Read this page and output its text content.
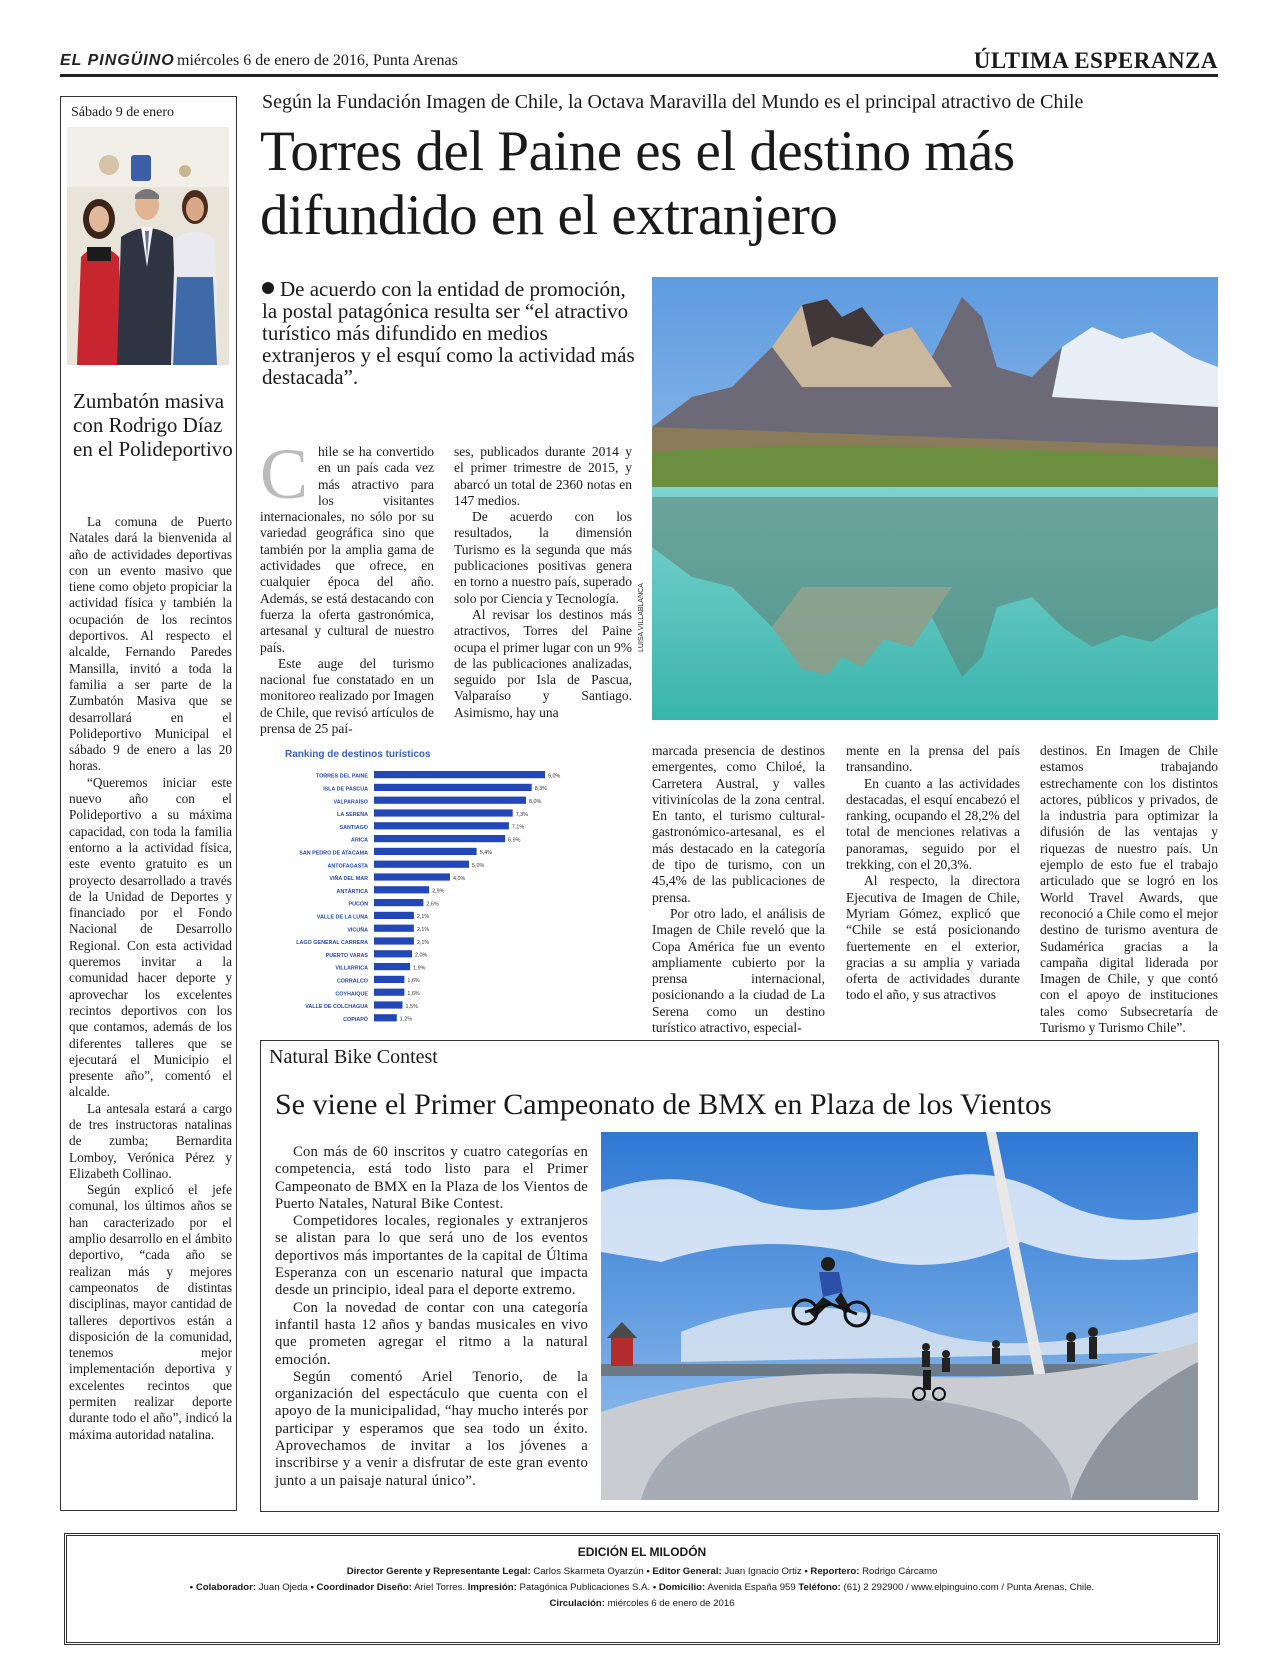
EL PINGÜINO miércoles 6 de enero de 2016, Punta Arenas	ÚLTIMA ESPERANZA
Sábado 9 de enero
Zumbatón masiva con Rodrigo Díaz en el Polideportivo

La comuna de Puerto Natales dará la bienvenida al año de actividades deportivas con un evento masivo que tiene como objeto propiciar la actividad física y también la ocupación de los recintos deportivos. Al respecto el alcalde, Fernando Paredes Mansilla, invitó a toda la familia a ser parte de la Zumbatón Masiva que se desarrollará en el Polideportivo Municipal el sábado 9 de enero a las 20 horas.

“Queremos iniciar este nuevo año con el Polideportivo a su máxima capacidad, con toda la familia entorno a la actividad física, este evento gratuito es un proyecto desarrollado a través de la Unidad de Deportes y financiado por el Fondo Nacional de Desarrollo Regional. Con esta actividad queremos invitar a la comunidad hacer deporte y aprovechar los excelentes recintos deportivos con los que contamos, además de los diferentes talleres que se ejecutará el Municipio el presente año”, comentó el alcalde.

La antesala estará a cargo de tres instructoras natalinas de zumba; Bernardita Lomboy, Verónica Pérez y Elizabeth Collinao.

Según explicó el jefe comunal, los últimos años se han caracterizado por el amplio desarrollo en el ámbito deportivo, “cada año se realizan más y mejores campeonatos de distintas disciplinas, mayor cantidad de talleres deportivos están a disposición de la comunidad, tenemos mejor implementación deportiva y excelentes recintos que permiten realizar deporte durante todo el año”, indicó la máxima autoridad natalina.

Según la Fundación Imagen de Chile, la Octava Maravilla del Mundo es el principal atractivo de Chile
Torres del Paine es el destino más difundido en el extranjero
De acuerdo con la entidad de promoción, la postal patagónica resulta ser “el atractivo turístico más difundido en medios extranjeros y el esquí como la actividad más destacada”.
LUISA VILLABLANCA
C hile se ha convertido en un país cada vez más atractivo para los visitantes internacionales, no sólo por su variedad geográfica sino que también por la amplia gama de actividades que ofrece, en cualquier época del año. Además, se está destacando con fuerza la oferta gastronómica, artesanal y cultural de nuestro país.

Este auge del turismo nacional fue constatado en un monitoreo realizado por Imagen de Chile, que revisó artículos de prensa de 25 paí-

ses, publicados durante 2014 y el primer trimestre de 2015, y abarcó un total de 2360 notas en 147 medios.

De acuerdo con los resultados, la dimensión Turismo es la segunda que más publicaciones positivas genera en torno a nuestro país, superado solo por Ciencia y Tecnología.

Al revisar los destinos más atractivos, Torres del Paine ocupa el primer lugar con un 9% de las publicaciones analizadas, seguido por Isla de Pascua, Valparaíso y Santiago. Asimismo, hay una

marcada presencia de destinos emergentes, como Chiloé, la Carretera Austral, y valles vitivinícolas de la zona central. En tanto, el turismo cultural-gastronómico-artesanal, es el más destacado en la categoría de tipo de turismo, con un 45,4% de las publicaciones de prensa.

Por otro lado, el análisis de Imagen de Chile reveló que la Copa América fue un evento ampliamente cubierto por la prensa internacional, posicionando a la ciudad de La Serena como un destino turístico atractivo, especial-

mente en la prensa del país transandino.

En cuanto a las actividades destacadas, el esquí encabezó el ranking, ocupando el 28,2% del total de menciones relativas a panoramas, seguido por el trekking, con el 20,3%.

Al respecto, la directora Ejecutiva de Imagen de Chile, Myriam Gómez, explicó que “Chile se está posicionando fuertemente en el exterior, gracias a su amplia y variada oferta de actividades durante todo el año, y sus atractivos

destinos. En Imagen de Chile estamos trabajando estrechamente con los distintos actores, públicos y privados, de la industria para optimizar la difusión de las ventajas y riquezas de nuestro país. Un ejemplo de esto fue el trabajo articulado que se logró en los World Travel Awards, que reconoció a Chile como el mejor destino de turismo aventura de Sudamérica gracias a la campaña digital liderada por Imagen de Chile, y que contó con el apoyo de instituciones tales como Subsecretaría de Turismo y Turismo Chile”.

Ranking de destinos turísticos
TORRES DEL PAINE	9,0%
ISLA DE PASCUA	8,3%
VALPARAÍSO	8,0%
LA SERENA	7,3%
SANTIAGO	7,1%
ARICA	6,9%
SAN PEDRO DE ATACAMA	5,4%
ANTOFAGASTA	5,0%
VIÑA DEL MAR	4,0%
ANTÁRTICA	2,9%
PUCÓN	2,6%
VALLE DE LA LUNA	2,1%
VICUÑA	2,1%
LAGO GENERAL CARRERA	2,1%
PUERTO VARAS	2,0%
VILLARRICA	1,9%
CORRALCO	1,6%
COYHAIQUE	1,6%
VALLE DE COLCHAGUA	1,5%
COPIAPÓ	1,2%
Natural Bike Contest
Se viene el Primer Campeonato de BMX en Plaza de los Vientos

Con más de 60 inscritos y cuatro categorías en competencia, está todo listo para el Primer Campeonato de BMX en la Plaza de los Vientos de Puerto Natales, Natural Bike Contest.

Competidores locales, regionales y extranjeros se alistan para lo que será uno de los eventos deportivos más importantes de la capital de Última Esperanza con un escenario natural que impacta desde un principio, ideal para el deporte extremo.

Con la novedad de contar con una categoría infantil hasta 12 años y bandas musicales en vivo que prometen agregar el ritmo a la natural emoción.

Según comentó Ariel Tenorio, de la organización del espectáculo que cuenta con el apoyo de la municipalidad, “hay mucho interés por participar y esperamos que sea todo un éxito. Aprovechamos de invitar a los jóvenes a inscribirse y a venir a disfrutar de este gran evento junto a un paisaje natural único”.

EDICIÓN EL MILODÓN
Director Gerente y Representante Legal: Carlos Skarmeta Oyarzún • Editor General: Juan Ignacio Ortiz • Reportero: Rodrigo Cárcamo
• Colaborador: Juan Ojeda • Coordinador Diseño: Ariel Torres. Impresión: Patagónica Publicaciones S.A. • Domicilio: Avenida España 959 Teléfono: (61) 2 292900 / www.elpinguino.com / Punta Arenas, Chile.
Circulación: miércoles 6 de enero de 2016
